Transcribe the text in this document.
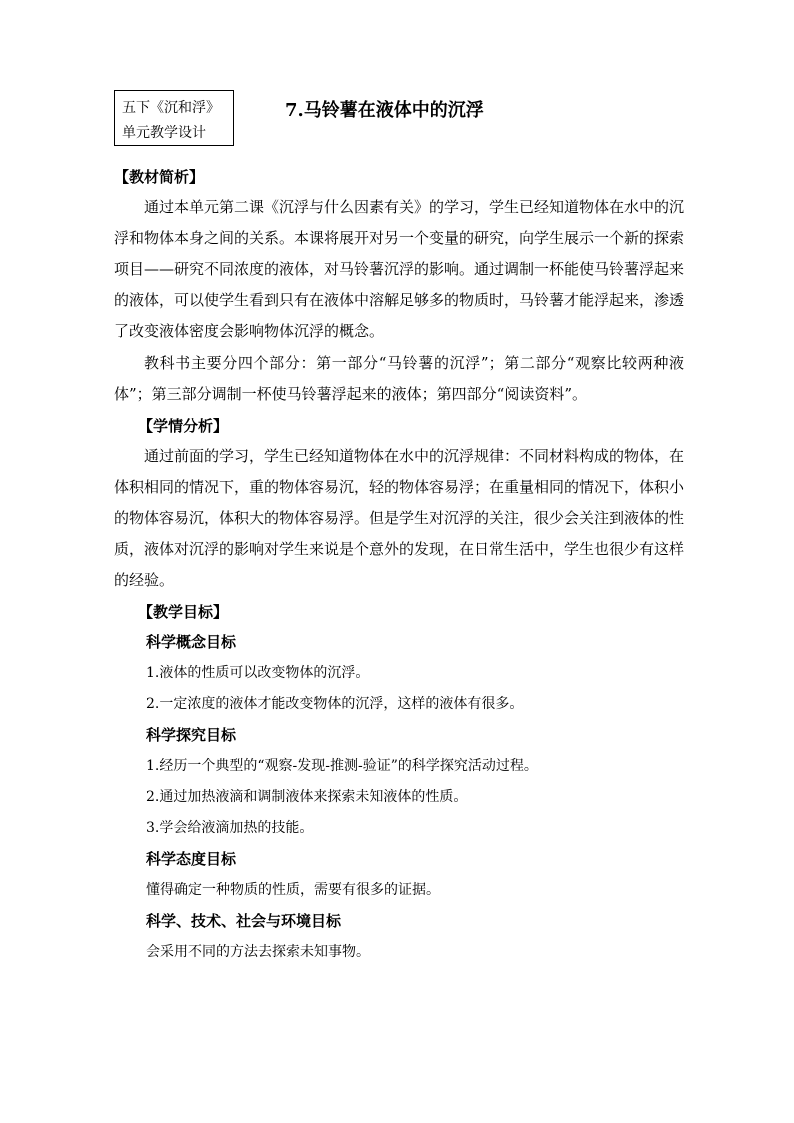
五下《沉和浮》
单元教学设计
7.马铃薯在液体中的沉浮
【教材简析】

通过本单元第二课《沉浮与什么因素有关》的学习，学生已经知道物体在水中的沉浮和物体本身之间的关系。本课将展开对另一个变量的研究，向学生展示一个新的探索项目——研究不同浓度的液体，对马铃薯沉浮的影响。通过调制一杯能使马铃薯浮起来的液体，可以使学生看到只有在液体中溶解足够多的物质时，马铃薯才能浮起来，渗透了改变液体密度会影响物体沉浮的概念。

教科书主要分四个部分：第一部分“马铃薯的沉浮”；第二部分“观察比较两种液体”；第三部分调制一杯使马铃薯浮起来的液体；第四部分“阅读资料”。

【学情分析】

通过前面的学习，学生已经知道物体在水中的沉浮规律：不同材料构成的物体，在体积相同的情况下，重的物体容易沉，轻的物体容易浮；在重量相同的情况下，体积小的物体容易沉，体积大的物体容易浮。但是学生对沉浮的关注，很少会关注到液体的性质，液体对沉浮的影响对学生来说是个意外的发现，在日常生活中，学生也很少有这样的经验。

【教学目标】
科学概念目标
1.液体的性质可以改变物体的沉浮。
2.一定浓度的液体才能改变物体的沉浮，这样的液体有很多。
科学探究目标
1.经历一个典型的“观察-发现-推测-验证”的科学探究活动过程。
2.通过加热液滴和调制液体来探索未知液体的性质。
3.学会给液滴加热的技能。
科学态度目标
懂得确定一种物质的性质，需要有很多的证据。
科学、技术、社会与环境目标
会采用不同的方法去探索未知事物。
